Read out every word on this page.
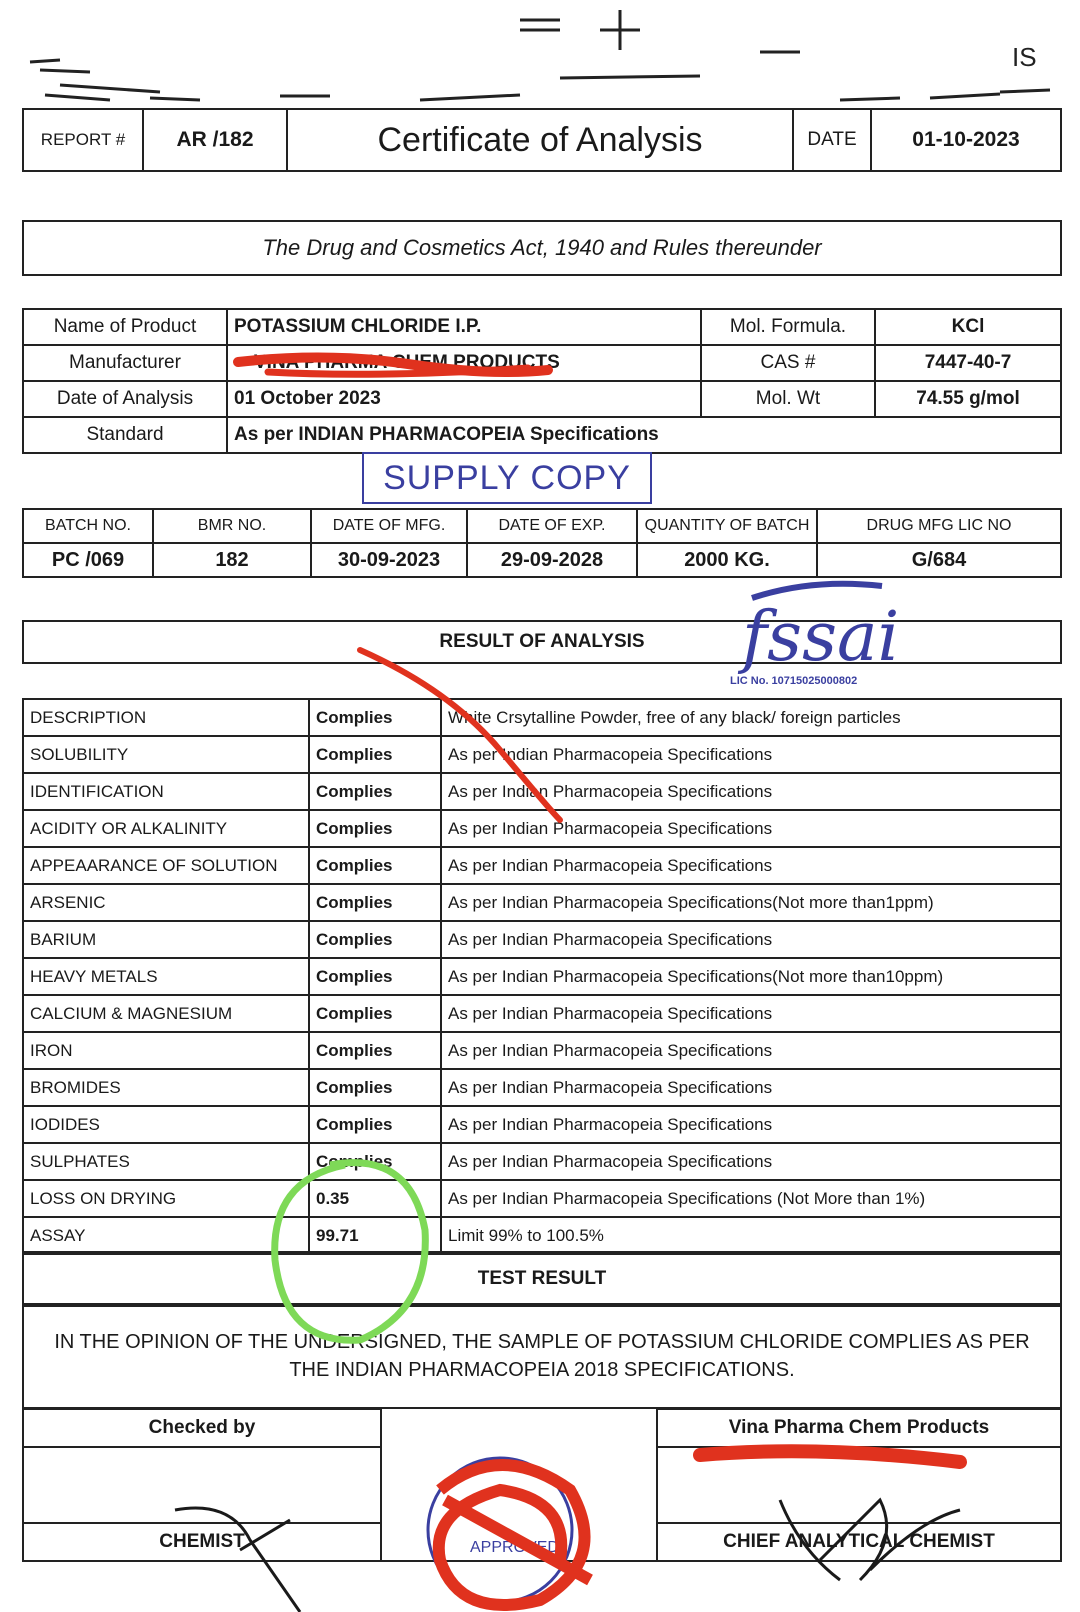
IS
REPORT #	AR /182	Certificate of Analysis	DATE	01-10-2023
The Drug and Cosmetics Act, 1940 and Rules thereunder
Name of Product	POTASSIUM CHLORIDE I.P.	Mol. Formula.	KCl
Manufacturer	VINA PHARMA CHEM PRODUCTS	CAS #	7447-40-7
Date of Analysis	01 October 2023	Mol. Wt	74.55 g/mol
Standard	As per INDIAN PHARMACOPEIA Specifications		
SUPPLY COPY
BATCH NO.	BMR NO.	DATE OF MFG.	DATE OF EXP.	QUANTITY OF BATCH	DRUG MFG LIC NO
PC /069	182	30-09-2023	29-09-2028	2000 KG.	G/684
RESULT OF ANALYSIS	fssai
LIC No. 10715025000802
DESCRIPTION	Complies	White Crsytalline Powder, free of any black/ foreign particles
SOLUBILITY	Complies	As per Indian Pharmacopeia Specifications
IDENTIFICATION	Complies	As per Indian Pharmacopeia Specifications
ACIDITY OR ALKALINITY	Complies	As per Indian Pharmacopeia Specifications
APPEAARANCE OF SOLUTION	Complies	As per Indian Pharmacopeia Specifications
ARSENIC	Complies	As per Indian Pharmacopeia Specifications(Not more than1ppm)
BARIUM	Complies	As per Indian Pharmacopeia Specifications
HEAVY METALS	Complies	As per Indian Pharmacopeia Specifications(Not more than10ppm)
CALCIUM & MAGNESIUM	Complies	As per Indian Pharmacopeia Specifications
IRON	Complies	As per Indian Pharmacopeia Specifications
BROMIDES	Complies	As per Indian Pharmacopeia Specifications
IODIDES	Complies	As per Indian Pharmacopeia Specifications
SULPHATES	Complies	As per Indian Pharmacopeia Specifications
LOSS ON DRYING	0.35	As per Indian Pharmacopeia Specifications (Not More than 1%)
ASSAY	99.71	Limit 99% to 100.5%
TEST RESULT
IN THE OPINION OF THE UNDERSIGNED, THE SAMPLE OF POTASSIUM CHLORIDE COMPLIES AS PER THE INDIAN PHARMACOPEIA 2018 SPECIFICATIONS.
Checked by		Vina Pharma Chem Products

CHEMIST		CHIEF ANALYTICAL CHEMIST
APPROVED
